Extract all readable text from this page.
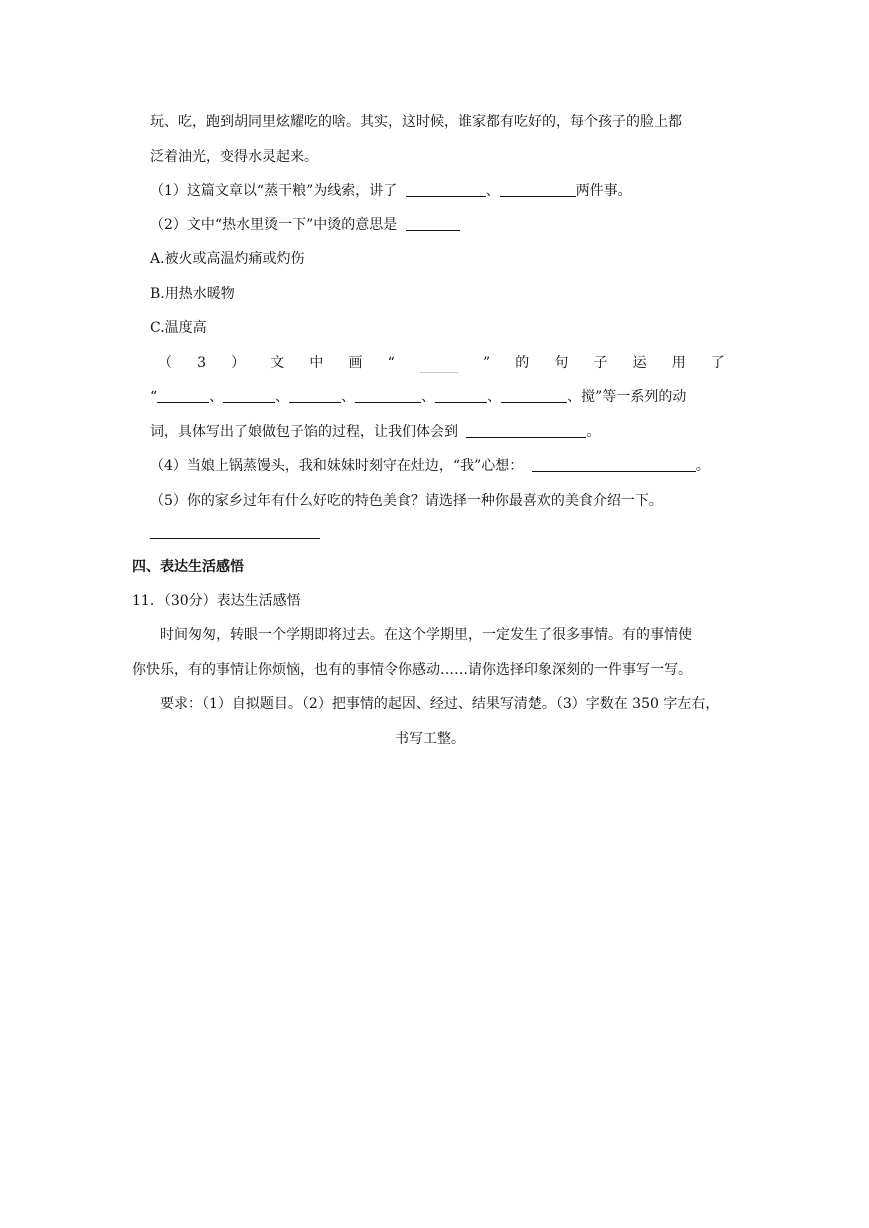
玩、吃，跑到胡同里炫耀吃的啥。其实，这时候，谁家都有吃好的，每个孩子的脸上都
泛着油光，变得水灵起来。
（1）这篇文章以“蒸干粮”为线索，讲了	、	两件事。
（2）文中“热水里烫一下”中烫的意思是
A.被火或高温灼痛或灼伤
B.用热水暖物
C.温度高
（ 3 ） 文 中 画 “	” 的 句 子 运 用 了
“	、	、	、	、	、	、搅”等一系列的动
词，具体写出了娘做包子馅的过程，让我们体会到	。
（4）当娘上锅蒸馒头，我和妹妹时刻守在灶边，“我”心想：	。
（5）你的家乡过年有什么好吃的特色美食？请选择一种你最喜欢的美食介绍一下。
四、表达生活感悟
11．（30分）表达生活感悟
时间匆匆，转眼一个学期即将过去。在这个学期里，一定发生了很多事情。有的事情使
你快乐，有的事情让你烦恼，也有的事情令你感动……请你选择印象深刻的一件事写一写。
要求：（1）自拟题目。（2）把事情的起因、经过、结果写清楚。（3）字数在 350 字左右，
书写工整。
